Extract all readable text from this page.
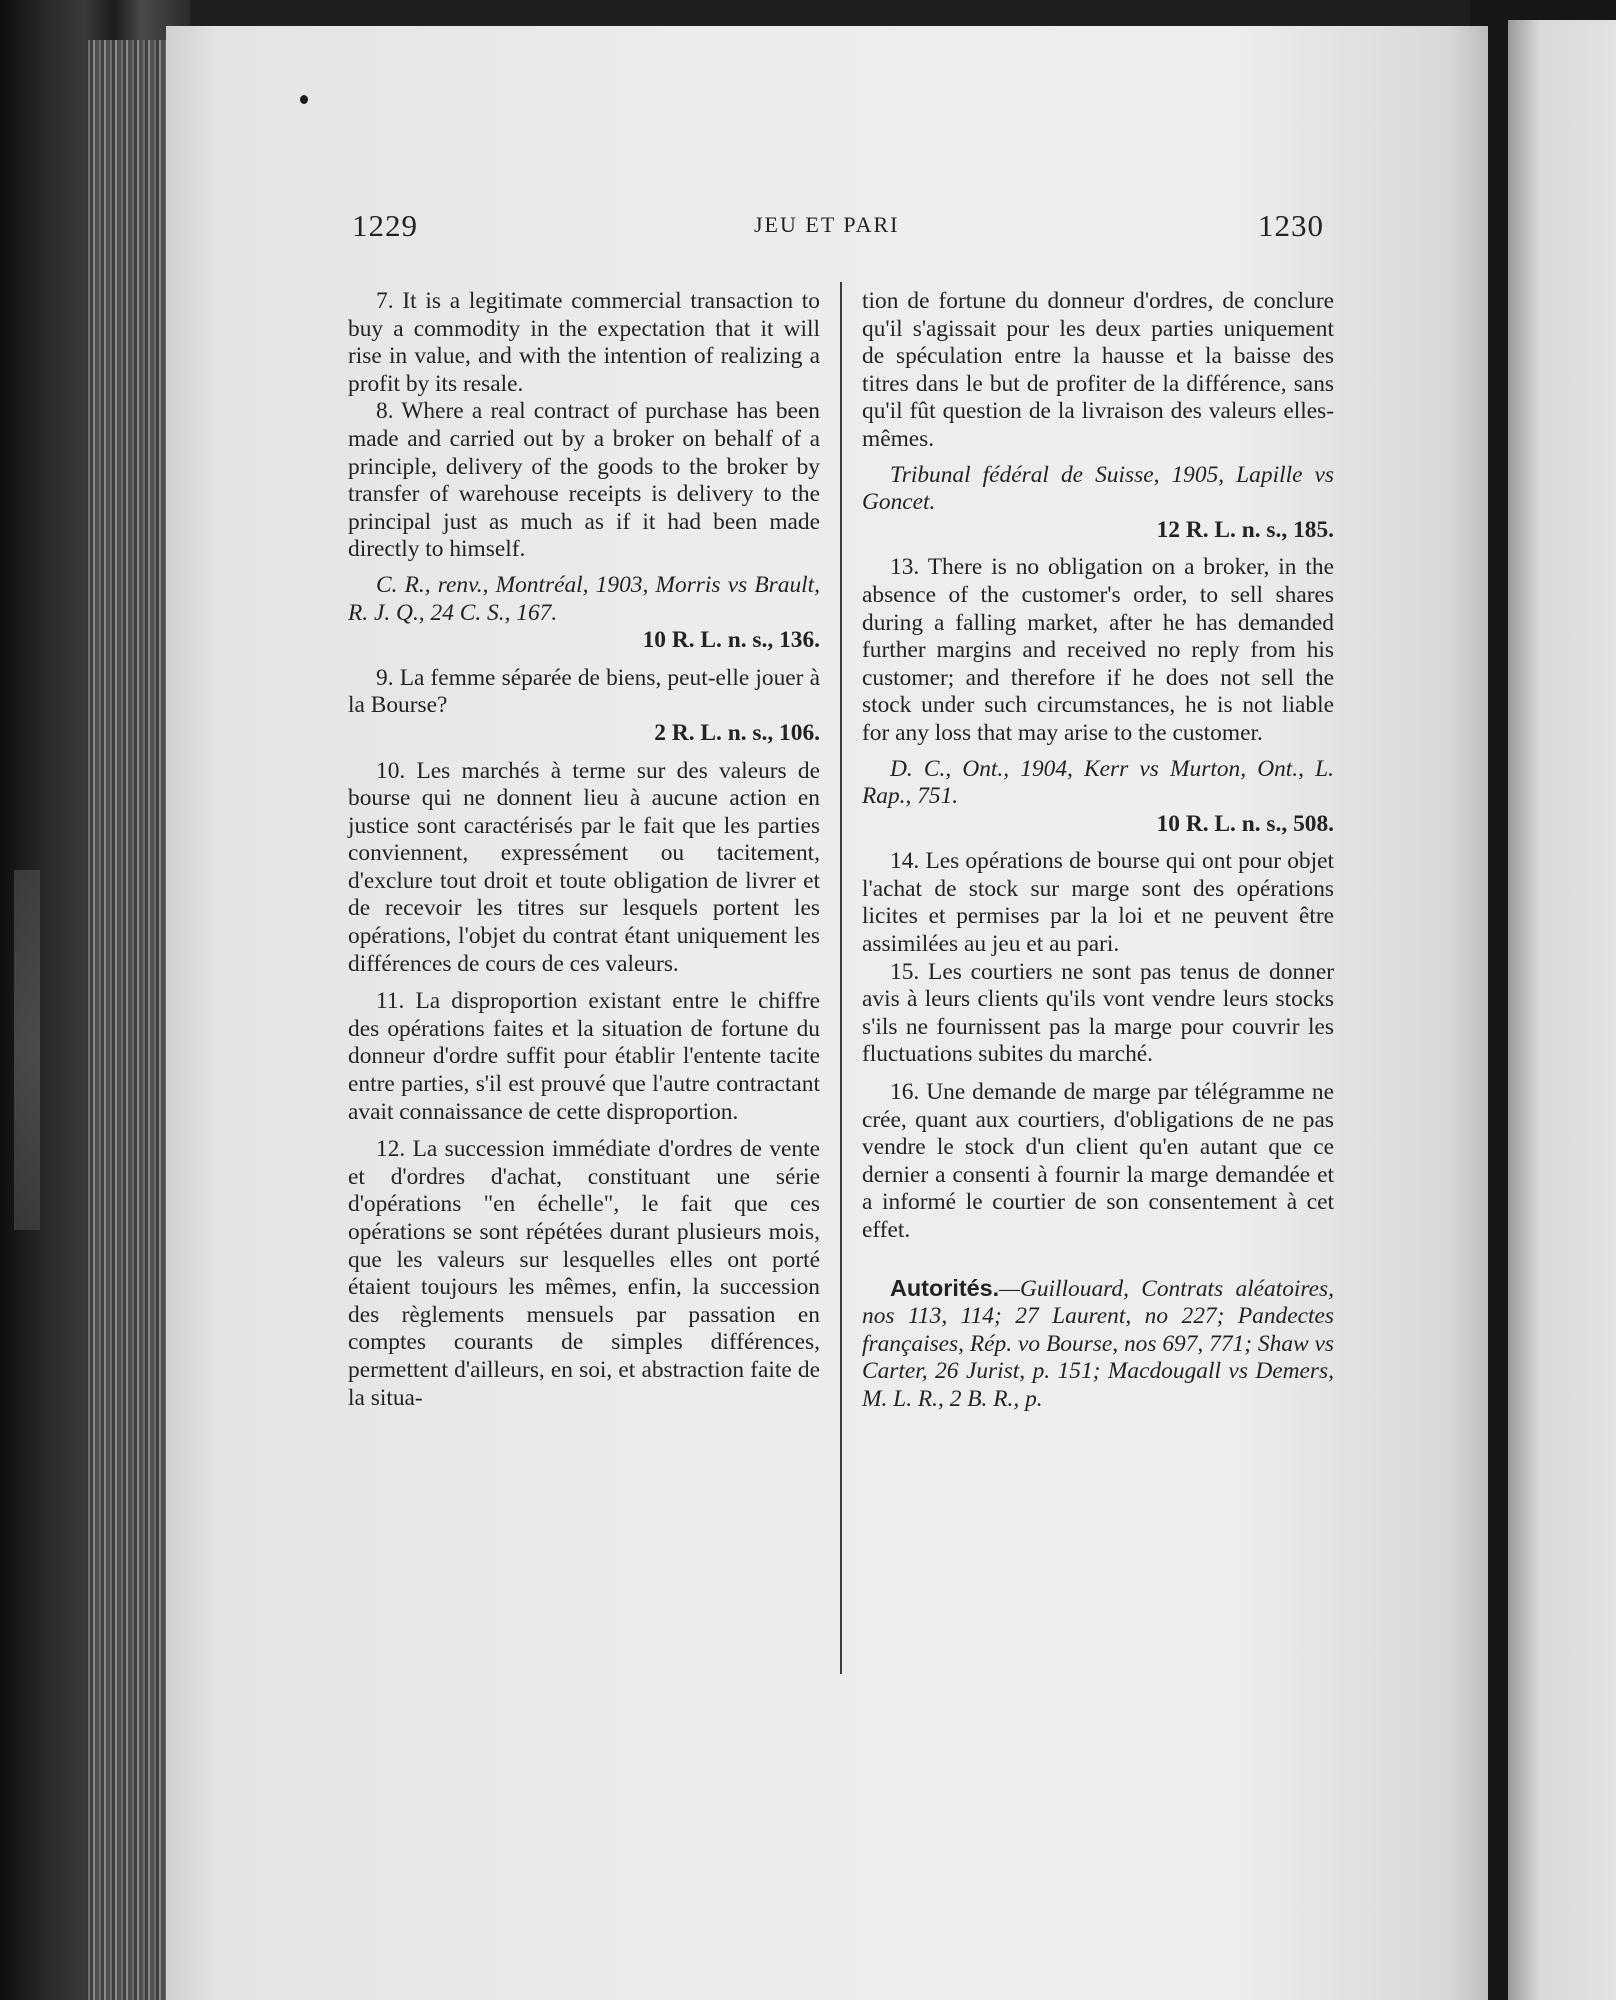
1229	JEU ET PARI	1230

7. It is a legitimate commercial transaction to buy a commodity in the expectation that it will rise in value, and with the intention of realizing a profit by its resale.

8. Where a real contract of purchase has been made and carried out by a broker on behalf of a principle, delivery of the goods to the broker by transfer of warehouse receipts is delivery to the principal just as much as if it had been made directly to himself.

C. R., renv., Montréal, 1903, Morris vs Brault, R. J. Q., 24 C. S., 167.

10 R. L. n. s., 136.

9. La femme séparée de biens, peut-elle jouer à la Bourse?

2 R. L. n. s., 106.

10. Les marchés à terme sur des valeurs de bourse qui ne donnent lieu à aucune action en justice sont caractérisés par le fait que les parties conviennent, expressément ou tacitement, d'exclure tout droit et toute obligation de livrer et de recevoir les titres sur lesquels portent les opérations, l'objet du contrat étant uniquement les différences de cours de ces valeurs.

11. La disproportion existant entre le chiffre des opérations faites et la situation de fortune du donneur d'ordre suffit pour établir l'entente tacite entre parties, s'il est prouvé que l'autre contractant avait connaissance de cette disproportion.

12. La succession immédiate d'ordres de vente et d'ordres d'achat, constituant une série d'opérations "en échelle", le fait que ces opérations se sont répétées durant plusieurs mois, que les valeurs sur lesquelles elles ont porté étaient toujours les mêmes, enfin, la succession des règlements mensuels par passation en comptes courants de simples différences, permettent d'ailleurs, en soi, et abstraction faite de la situa-

tion de fortune du donneur d'ordres, de conclure qu'il s'agissait pour les deux parties uniquement de spéculation entre la hausse et la baisse des titres dans le but de profiter de la différence, sans qu'il fût question de la livraison des valeurs elles-mêmes.

Tribunal fédéral de Suisse, 1905, Lapille vs Goncet.

12 R. L. n. s., 185.

13. There is no obligation on a broker, in the absence of the customer's order, to sell shares during a falling market, after he has demanded further margins and received no reply from his customer; and therefore if he does not sell the stock under such circumstances, he is not liable for any loss that may arise to the customer.

D. C., Ont., 1904, Kerr vs Murton, Ont., L. Rap., 751.

10 R. L. n. s., 508.

14. Les opérations de bourse qui ont pour objet l'achat de stock sur marge sont des opérations licites et permises par la loi et ne peuvent être assimilées au jeu et au pari.

15. Les courtiers ne sont pas tenus de donner avis à leurs clients qu'ils vont vendre leurs stocks s'ils ne fournissent pas la marge pour couvrir les fluctuations subites du marché.

16. Une demande de marge par télégramme ne crée, quant aux courtiers, d'obligations de ne pas vendre le stock d'un client qu'en autant que ce dernier a consenti à fournir la marge demandée et a informé le courtier de son consentement à cet effet.

Autorités.—Guillouard, Contrats aléatoires, nos 113, 114; 27 Laurent, no 227; Pandectes françaises, Rép. vo Bourse, nos 697, 771; Shaw vs Carter, 26 Jurist, p. 151; Macdougall vs Demers, M. L. R., 2 B. R., p.
